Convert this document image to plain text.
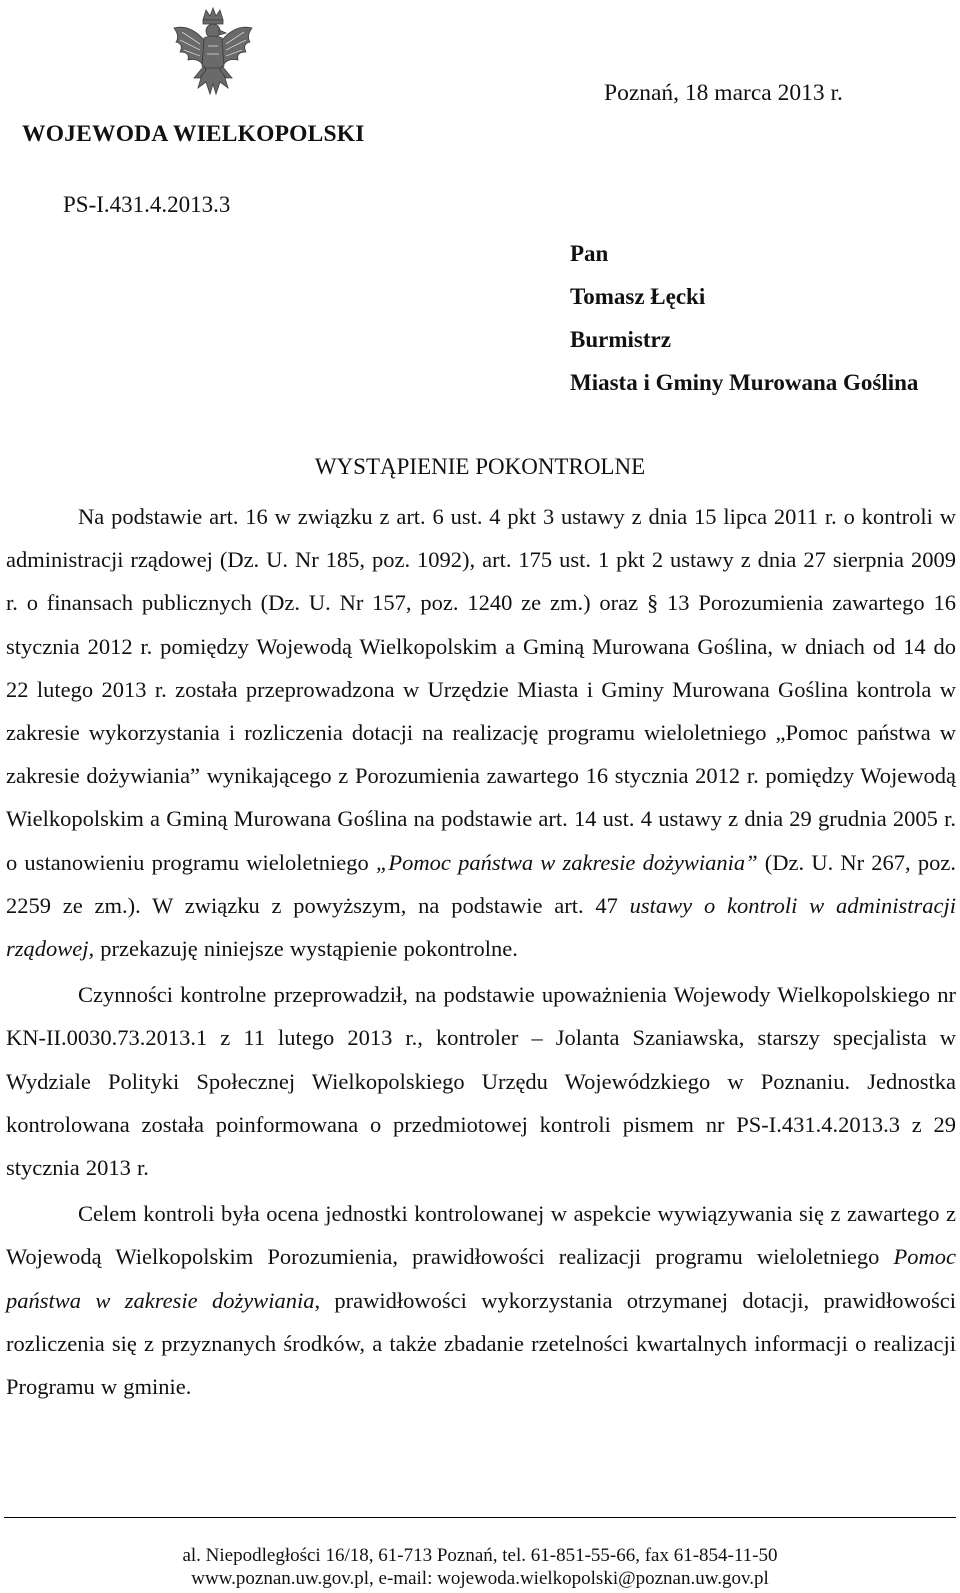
WOJEWODA WIELKOPOLSKI
Poznań, 18 marca 2013 r.
PS-I.431.4.2013.3
Pan
Tomasz Łęcki
Burmistrz
Miasta i Gminy Murowana Goślina
WYSTĄPIENIE POKONTROLNE

Na podstawie art. 16 w związku z art. 6 ust. 4 pkt 3 ustawy z dnia 15 lipca 2011 r. o kontroli w administracji rządowej (Dz. U. Nr 185, poz. 1092), art. 175 ust. 1 pkt 2 ustawy z dnia 27 sierpnia 2009 r. o finansach publicznych (Dz. U. Nr 157, poz. 1240 ze zm.) oraz § 13 Porozumienia zawartego 16 stycznia 2012 r. pomiędzy Wojewodą Wielkopolskim a Gminą Murowana Goślina, w dniach od 14 do 22 lutego 2013 r. została przeprowadzona w Urzędzie Miasta i Gminy Murowana Goślina kontrola w zakresie wykorzystania i rozliczenia dotacji na realizację programu wieloletniego „Pomoc państwa w zakresie dożywiania” wynikającego z Porozumienia zawartego 16 stycznia 2012 r. pomiędzy Wojewodą Wielkopolskim a Gminą Murowana Goślina na podstawie art. 14 ust. 4 ustawy z dnia 29 grudnia 2005 r. o ustanowieniu programu wieloletniego „Pomoc państwa w zakresie dożywiania” (Dz. U. Nr 267, poz. 2259 ze zm.). W związku z powyższym, na podstawie art. 47 ustawy o kontroli w administracji rządowej, przekazuję niniejsze wystąpienie pokontrolne.

Czynności kontrolne przeprowadził, na podstawie upoważnienia Wojewody Wielkopolskiego nr KN-II.0030.73.2013.1 z 11 lutego 2013 r., kontroler – Jolanta Szaniawska, starszy specjalista w Wydziale Polityki Społecznej Wielkopolskiego Urzędu Wojewódzkiego w Poznaniu. Jednostka kontrolowana została poinformowana o przedmiotowej kontroli pismem nr PS-I.431.4.2013.3 z 29 stycznia 2013 r.

Celem kontroli była ocena jednostki kontrolowanej w aspekcie wywiązywania się z zawartego z Wojewodą Wielkopolskim Porozumienia, prawidłowości realizacji programu wieloletniego Pomoc państwa w zakresie dożywiania, prawidłowości wykorzystania otrzymanej dotacji, prawidłowości rozliczenia się z przyznanych środków, a także zbadanie rzetelności kwartalnych informacji o realizacji Programu w gminie.

al. Niepodległości 16/18, 61-713 Poznań, tel. 61-851-55-66, fax 61-854-11-50
www.poznan.uw.gov.pl, e-mail: wojewoda.wielkopolski@poznan.uw.gov.pl
